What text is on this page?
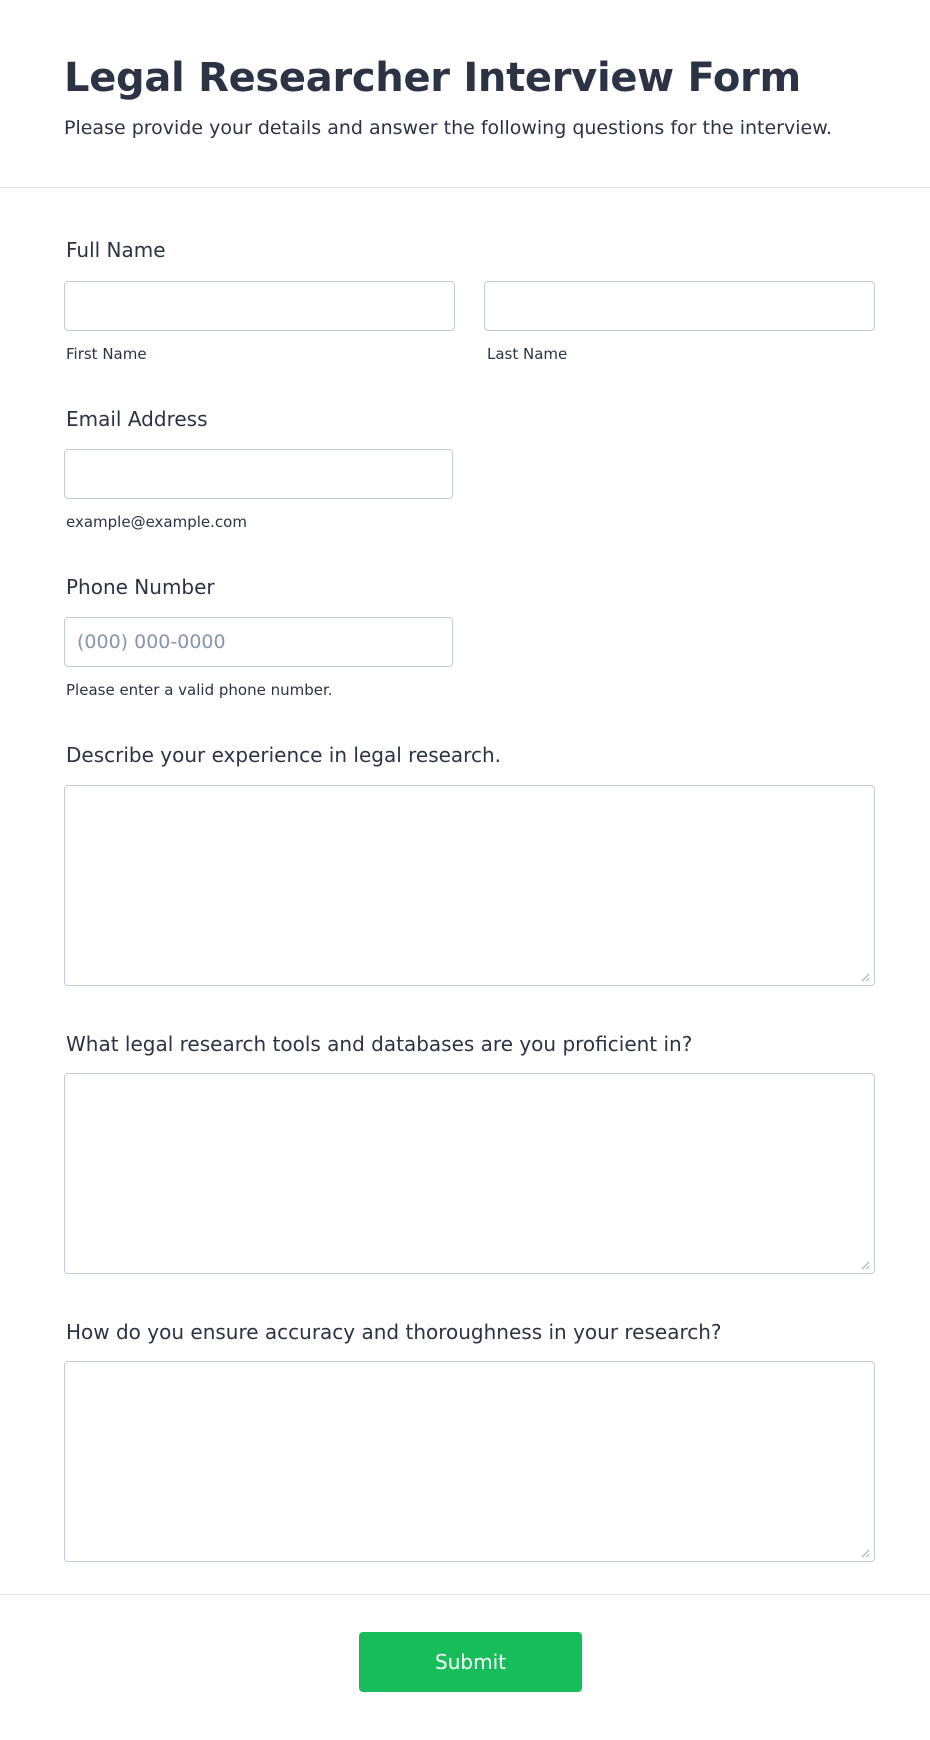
Legal Researcher Interview Form

Please provide your details and answer the following questions for the interview.

Full Name
First Name	Last Name
Email Address
example@example.com
Phone Number
(000) 000-0000
Please enter a valid phone number.
Describe your experience in legal research.
What legal research tools and databases are you proficient in?
How do you ensure accuracy and thoroughness in your research?
Submit
